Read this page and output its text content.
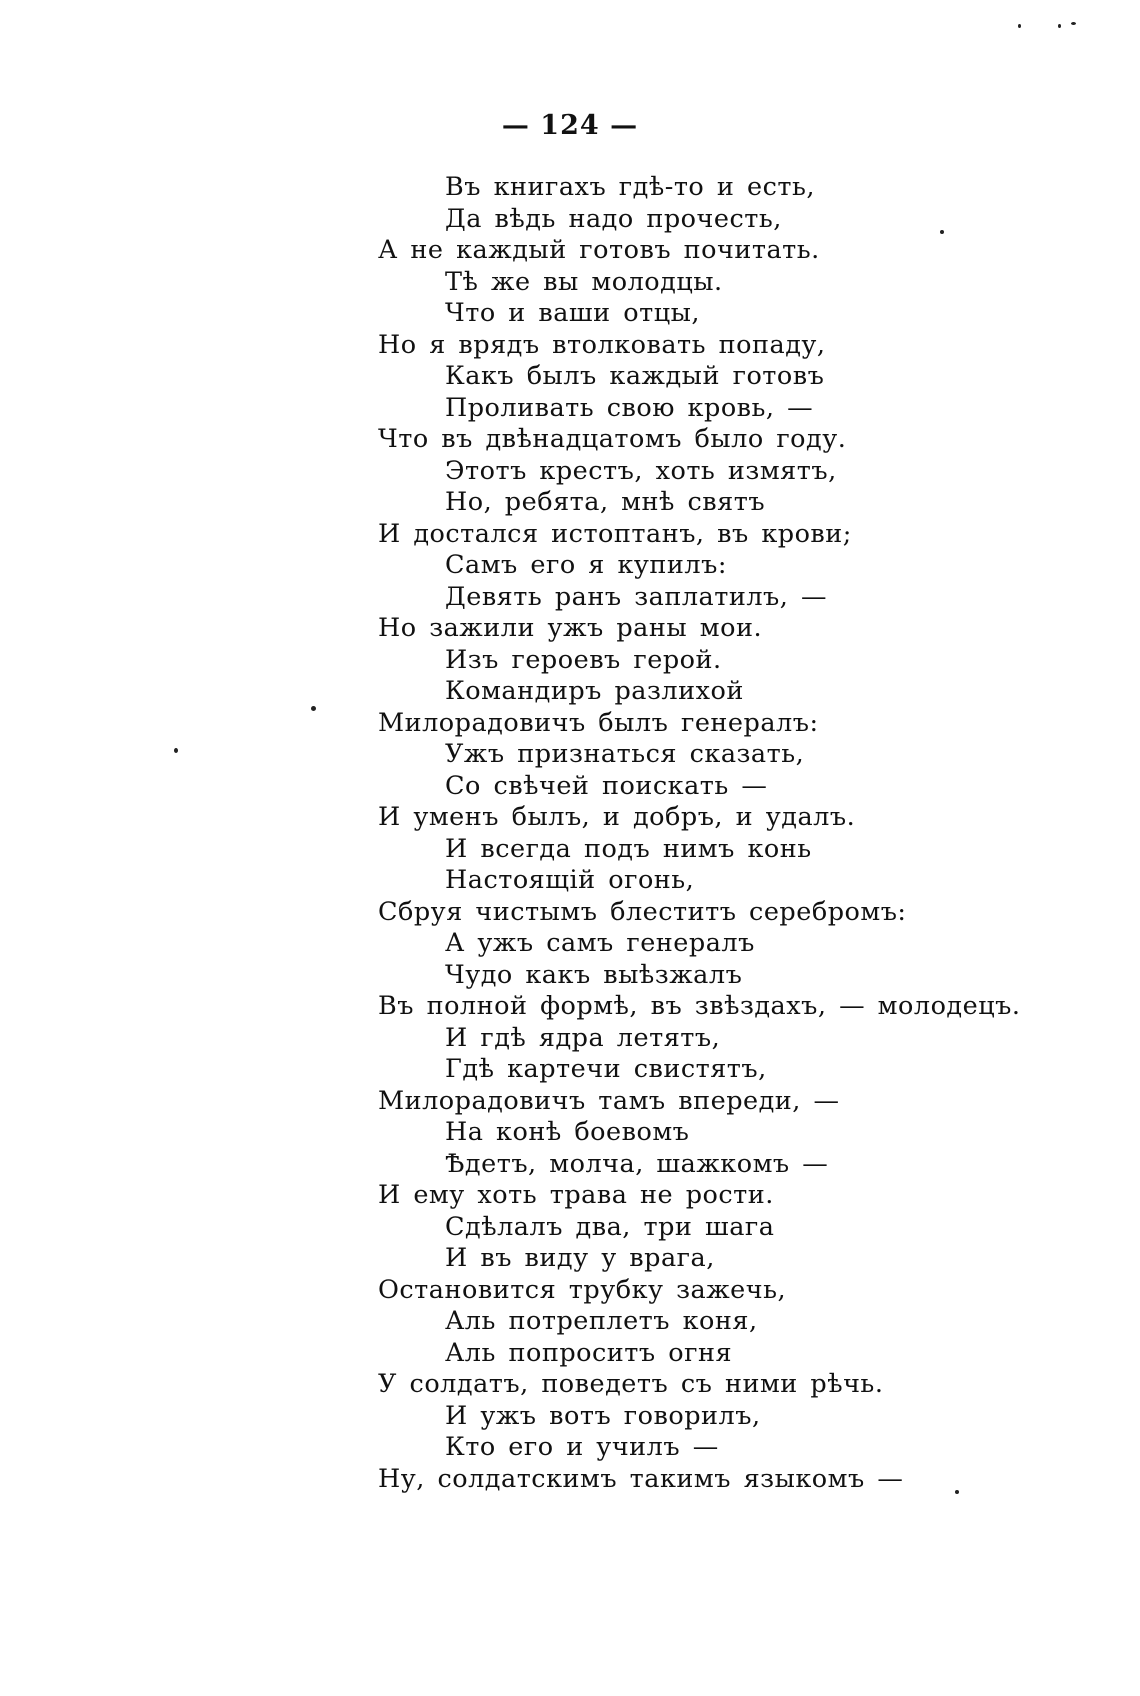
— 124 —
Въ книгахъ гдѣ-то и есть,
Да вѣдь надо прочесть,
А не каждый готовъ почитать.
Тѣ же вы молодцы.
Что и ваши отцы,
Но я врядъ втолковать попаду,
Какъ былъ каждый готовъ
Проливать свою кровь, —
Что въ двѣнадцатомъ было году.
Этотъ крестъ, хоть измятъ,
Но, ребята, мнѣ святъ
И достался истоптанъ, въ крови;
Самъ его я купилъ:
Девять ранъ заплатилъ, —
Но зажили ужъ раны мои.
Изъ героевъ герой.
Командиръ разлихой
Милорадовичъ былъ генералъ:
Ужъ признаться сказать,
Со свѣчей поискать —
И уменъ былъ, и добръ, и удалъ.
И всегда подъ нимъ конь
Настоящій огонь,
Сбруя чистымъ блеститъ серебромъ:
А ужъ самъ генералъ
Чудо какъ выѣзжалъ
Въ полной формѣ, въ звѣздахъ, — молодецъ.
И гдѣ ядра летятъ,
Гдѣ картечи свистятъ,
Милорадовичъ тамъ впереди, —
На конѣ боевомъ
Ѣдетъ, молча, шажкомъ —
И ему хоть трава не рости.
Сдѣлалъ два, три шага
И въ виду у врага,
Остановится трубку зажечь,
Аль потреплетъ коня,
Аль попроситъ огня
У солдатъ, поведетъ съ ними рѣчь.
И ужъ вотъ говорилъ,
Кто его и училъ —
Ну, солдатскимъ такимъ языкомъ —
